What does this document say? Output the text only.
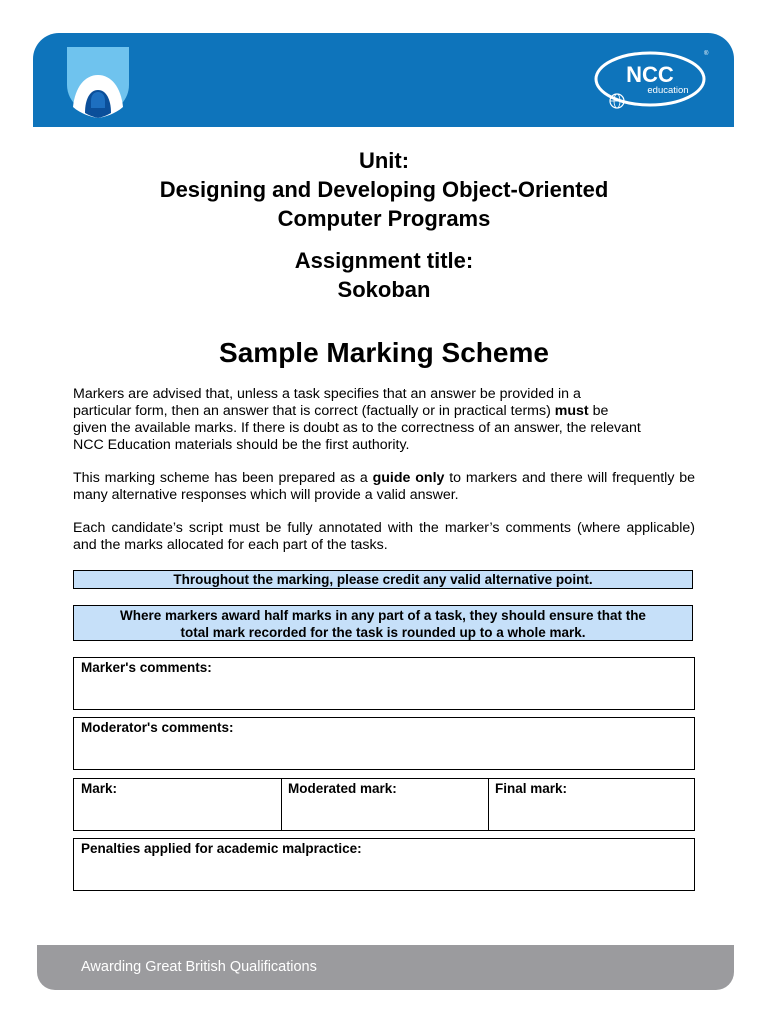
NCC
education
®
Unit:
Designing and Developing Object-Oriented
Computer Programs
Assignment title:
Sokoban
Sample Marking Scheme
Markers are advised that, unless a task specifies that an answer be provided in a
particular form, then an answer that is correct (factually or in practical terms) must be
given the available marks. If there is doubt as to the correctness of an answer, the relevant
NCC Education materials should be the first authority.
This marking scheme has been prepared as a guide only to markers and there will frequently be many alternative responses which will provide a valid answer.
Each candidate’s script must be fully annotated with the marker’s comments (where applicable) and the marks allocated for each part of the tasks.
Throughout the marking, please credit any valid alternative point.
Where markers award half marks in any part of a task, they should ensure that the
total mark recorded for the task is rounded up to a whole mark.
Marker's comments:
Moderator's comments:
Mark:	Moderated mark:	Final mark:
Penalties applied for academic malpractice:
Awarding Great British Qualifications
